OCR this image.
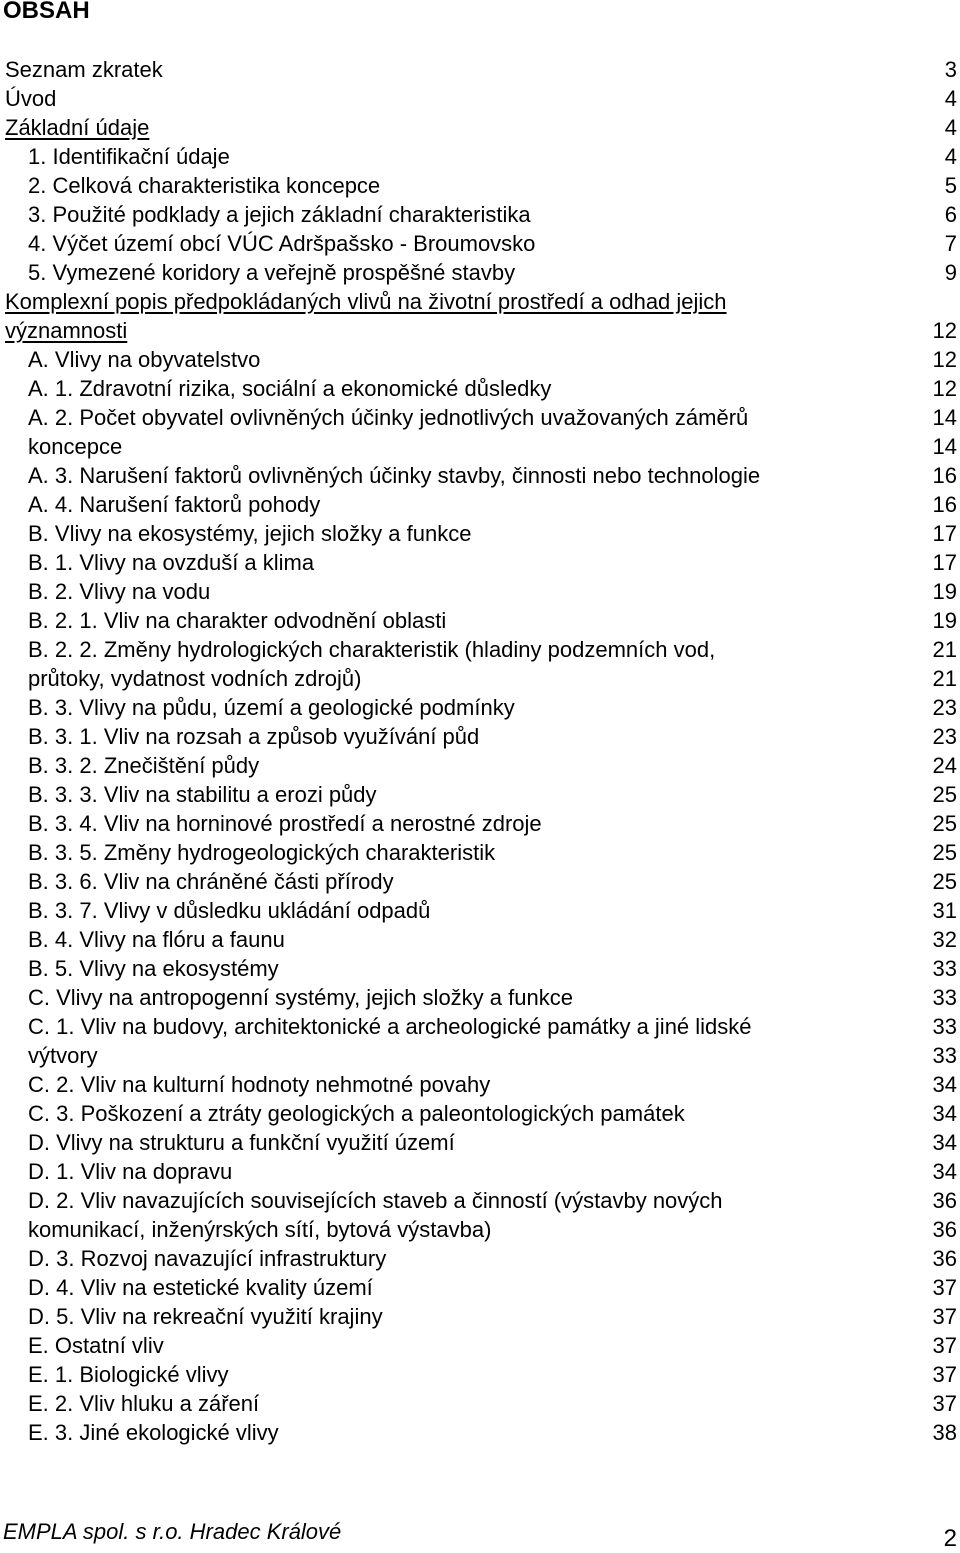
OBSAH
Seznam zkratek	3
Úvod	4
Základní údaje	4
1. Identifikační údaje	4
2. Celková charakteristika koncepce	5
3. Použité podklady a jejich základní charakteristika	6
4. Výčet území obcí VÚC Adršpašsko - Broumovsko	7
5. Vymezené koridory a veřejně prospěšné stavby	9
Komplexní popis předpokládaných vlivů na životní prostředí a odhad jejich
významnosti	12
A. Vlivy na obyvatelstvo	12
A. 1. Zdravotní rizika, sociální a ekonomické důsledky	12
A. 2. Počet obyvatel ovlivněných účinky jednotlivých uvažovaných záměrů	14
koncepce	14
A. 3. Narušení faktorů ovlivněných účinky stavby, činnosti nebo technologie	16
A. 4. Narušení faktorů pohody	16
B. Vlivy na ekosystémy, jejich složky a funkce	17
B. 1. Vlivy na ovzduší a klima	17
B. 2. Vlivy na vodu	19
B. 2. 1. Vliv na charakter odvodnění oblasti	19
B. 2. 2. Změny hydrologických charakteristik (hladiny podzemních vod,	21
průtoky, vydatnost vodních zdrojů)	21
B. 3. Vlivy na půdu, území a geologické podmínky	23
B. 3. 1. Vliv na rozsah a způsob využívání půd	23
B. 3. 2. Znečištění půdy	24
B. 3. 3. Vliv na stabilitu a erozi půdy	25
B. 3. 4. Vliv na horninové prostředí a nerostné zdroje	25
B. 3. 5. Změny hydrogeologických charakteristik	25
B. 3. 6. Vliv na chráněné části přírody	25
B. 3. 7. Vlivy v důsledku ukládání odpadů	31
B. 4. Vlivy na flóru a faunu	32
B. 5. Vlivy na ekosystémy	33
C. Vlivy na antropogenní systémy, jejich složky a funkce	33
C. 1. Vliv na budovy, architektonické a archeologické památky a jiné lidské	33
výtvory	33
C. 2. Vliv na kulturní hodnoty nehmotné povahy	34
C. 3. Poškození a ztráty geologických a paleontologických památek	34
D. Vlivy na strukturu a funkční využití území	34
D. 1. Vliv na dopravu	34
D. 2. Vliv navazujících souvisejících staveb a činností (výstavby nových	36
komunikací, inženýrských sítí, bytová výstavba)	36
D. 3. Rozvoj navazující infrastruktury	36
D. 4. Vliv na estetické kvality území	37
D. 5. Vliv na rekreační využití krajiny	37
E. Ostatní vliv	37
E. 1. Biologické vlivy	37
E. 2. Vliv hluku a záření	37
E. 3. Jiné ekologické vlivy	38
EMPLA spol. s r.o. Hradec Králové	2
